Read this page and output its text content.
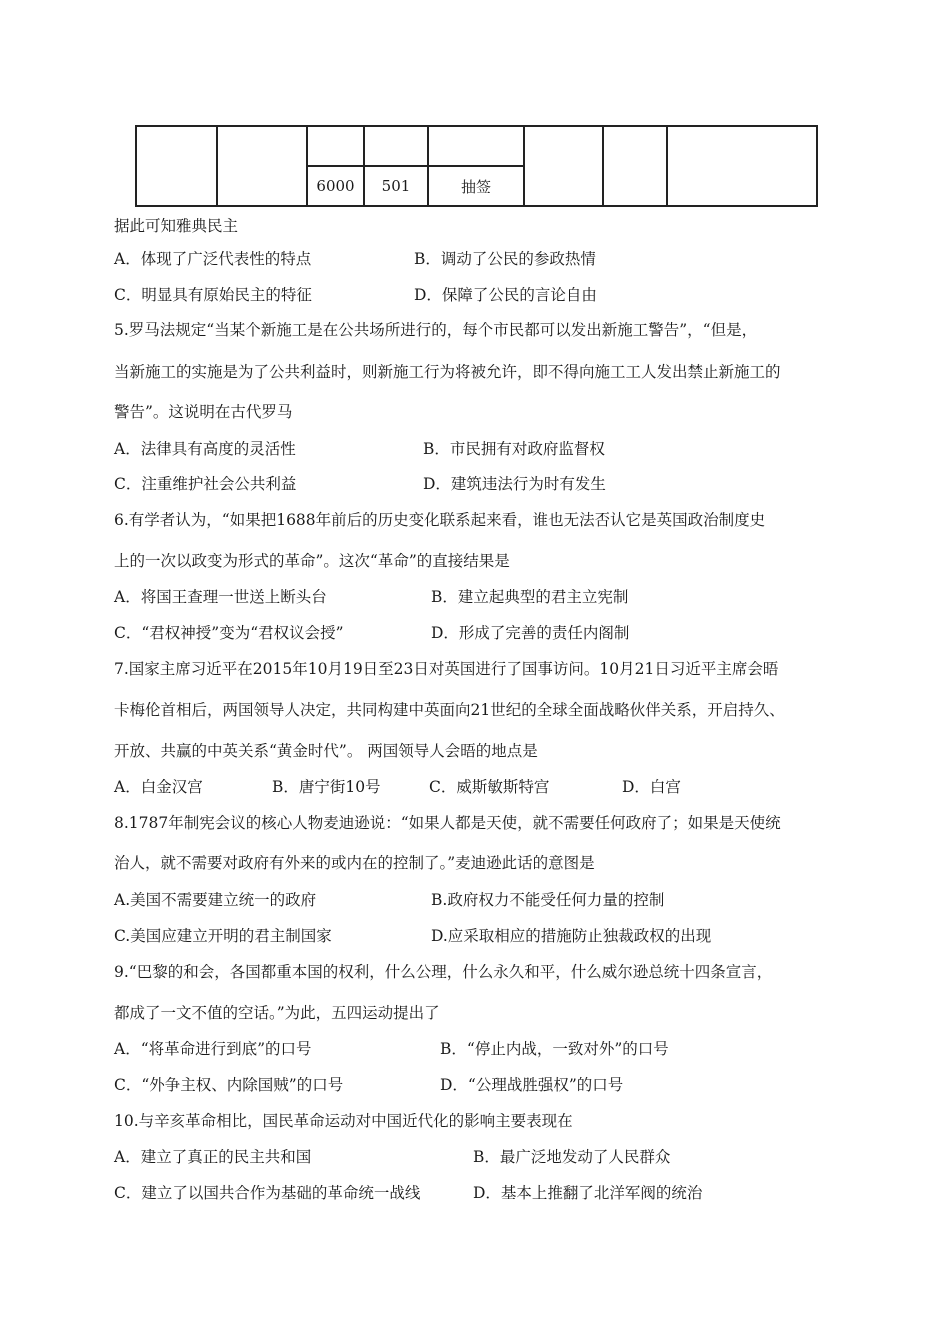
		6000	501	抽签			
据此可知雅典民主
A．体现了广泛代表性的特点	B．调动了公民的参政热情
C．明显具有原始民主的特征	D．保障了公民的言论自由
5.罗马法规定“当某个新施工是在公共场所进行的，每个市民都可以发出新施工警告”，“但是，
当新施工的实施是为了公共利益时，则新施工行为将被允许，即不得向施工工人发出禁止新施工的
警告”。这说明在古代罗马
A．法律具有高度的灵活性	B．市民拥有对政府监督权
C．注重维护社会公共利益	D．建筑违法行为时有发生
6.有学者认为，“如果把1688年前后的历史变化联系起来看，谁也无法否认它是英国政治制度史
上的一次以政变为形式的革命”。这次“革命”的直接结果是
A．将国王查理一世送上断头台	B．建立起典型的君主立宪制
C．“君权神授”变为“君权议会授”	D．形成了完善的责任内阁制
7.国家主席习近平在2015年10月19日至23日对英国进行了国事访问。10月21日习近平主席会晤
卡梅伦首相后，两国领导人决定，共同构建中英面向21世纪的全球全面战略伙伴关系，开启持久、
开放、共赢的中英关系“黄金时代”。 两国领导人会晤的地点是
A．白金汉宫	B．唐宁街10号	C．威斯敏斯特宫	D．白宫
8.1787年制宪会议的核心人物麦迪逊说：“如果人都是天使，就不需要任何政府了；如果是天使统
治人，就不需要对政府有外来的或内在的控制了。”麦迪逊此话的意图是
A.美国不需要建立统一的政府	B.政府权力不能受任何力量的控制
C.美国应建立开明的君主制国家	D.应采取相应的措施防止独裁政权的出现
9.“巴黎的和会，各国都重本国的权利，什么公理，什么永久和平，什么威尔逊总统十四条宣言，
都成了一文不值的空话。”为此，五四运动提出了
A．“将革命进行到底”的口号	B．“停止内战，一致对外”的口号
C．“外争主权、内除国贼”的口号	D．“公理战胜强权”的口号
10.与辛亥革命相比，国民革命运动对中国近代化的影响主要表现在
A．建立了真正的民主共和国	B．最广泛地发动了人民群众
C．建立了以国共合作为基础的革命统一战线	D．基本上推翻了北洋军阀的统治
